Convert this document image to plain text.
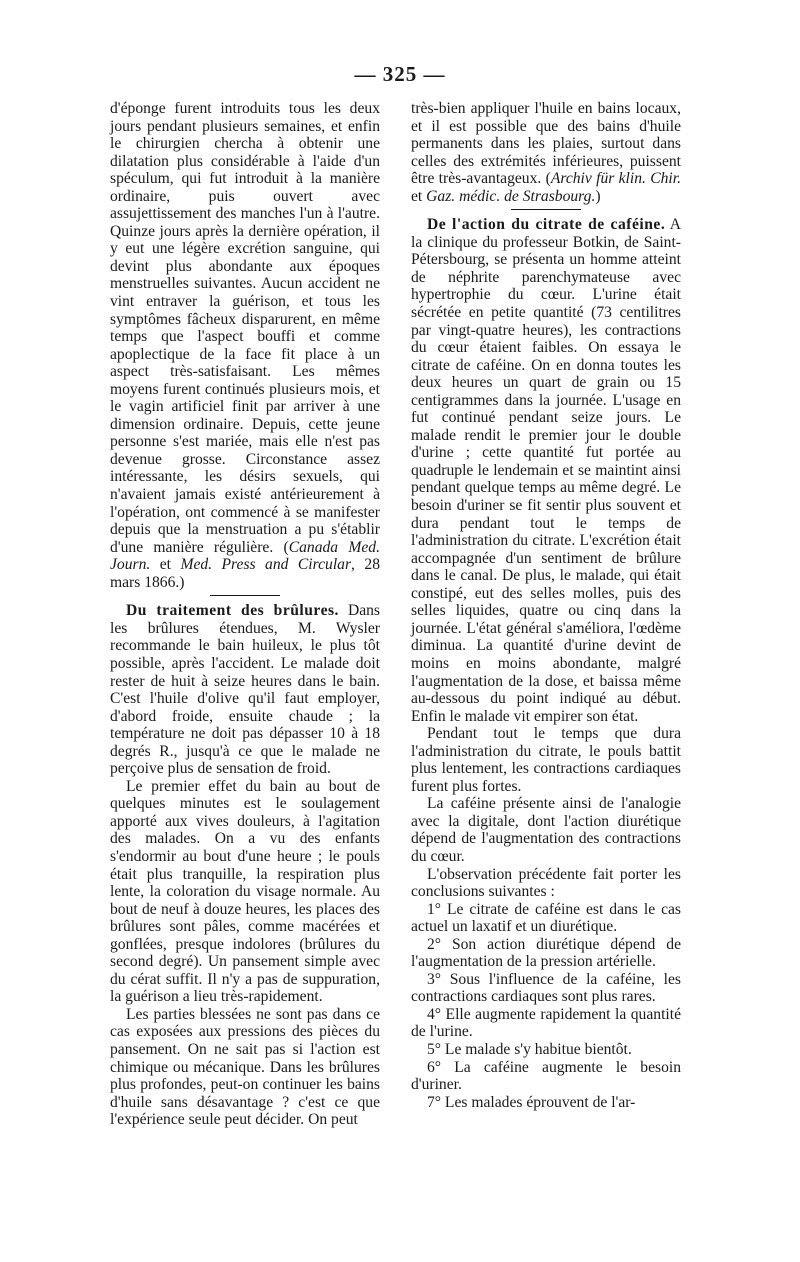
— 325 —

d'éponge furent introduits tous les deux jours pendant plusieurs semaines, et enfin le chirurgien chercha à obtenir une dilatation plus considérable à l'aide d'un spéculum, qui fut introduit à la manière ordinaire, puis ouvert avec assujettissement des manches l'un à l'autre. Quinze jours après la dernière opération, il y eut une légère excrétion sanguine, qui devint plus abondante aux époques menstruelles suivantes. Aucun accident ne vint entraver la guérison, et tous les symptômes fâcheux disparurent, en même temps que l'aspect bouffi et comme apoplectique de la face fit place à un aspect très-satisfaisant. Les mêmes moyens furent continués plusieurs mois, et le vagin artificiel finit par arriver à une dimension ordinaire. Depuis, cette jeune personne s'est mariée, mais elle n'est pas devenue grosse. Circonstance assez intéressante, les désirs sexuels, qui n'avaient jamais existé antérieurement à l'opération, ont commencé à se manifester depuis que la menstruation a pu s'établir d'une manière régulière. (Canada Med. Journ. et Med. Press and Circular, 28 mars 1866.)

Du traitement des brûlures. Dans les brûlures étendues, M. Wysler recommande le bain huileux, le plus tôt possible, après l'accident. Le malade doit rester de huit à seize heures dans le bain. C'est l'huile d'olive qu'il faut employer, d'abord froide, ensuite chaude ; la température ne doit pas dépasser 10 à 18 degrés R., jusqu'à ce que le malade ne perçoive plus de sensation de froid.

Le premier effet du bain au bout de quelques minutes est le soulagement apporté aux vives douleurs, à l'agitation des malades. On a vu des enfants s'endormir au bout d'une heure ; le pouls était plus tranquille, la respiration plus lente, la coloration du visage normale. Au bout de neuf à douze heures, les places des brûlures sont pâles, comme macérées et gonflées, presque indolores (brûlures du second degré). Un pansement simple avec du cérat suffit. Il n'y a pas de suppuration, la guérison a lieu très-rapidement.

Les parties blessées ne sont pas dans ce cas exposées aux pressions des pièces du pansement. On ne sait pas si l'action est chimique ou mécanique. Dans les brûlures plus profondes, peut-on continuer les bains d'huile sans désavantage ? c'est ce que l'expérience seule peut décider. On peut

très-bien appliquer l'huile en bains locaux, et il est possible que des bains d'huile permanents dans les plaies, surtout dans celles des extrémités inférieures, puissent être très-avantageux. (Archiv für klin. Chir. et Gaz. médic. de Strasbourg.)

De l'action du citrate de caféine. A la clinique du professeur Botkin, de Saint-Pétersbourg, se présenta un homme atteint de néphrite parenchymateuse avec hypertrophie du cœur. L'urine était sécrétée en petite quantité (73 centilitres par vingt-quatre heures), les contractions du cœur étaient faibles. On essaya le citrate de caféine. On en donna toutes les deux heures un quart de grain ou 15 centigrammes dans la journée. L'usage en fut continué pendant seize jours. Le malade rendit le premier jour le double d'urine ; cette quantité fut portée au quadruple le lendemain et se maintint ainsi pendant quelque temps au même degré. Le besoin d'uriner se fit sentir plus souvent et dura pendant tout le temps de l'administration du citrate. L'excrétion était accompagnée d'un sentiment de brûlure dans le canal. De plus, le malade, qui était constipé, eut des selles molles, puis des selles liquides, quatre ou cinq dans la journée. L'état général s'améliora, l'œdème diminua. La quantité d'urine devint de moins en moins abondante, malgré l'augmentation de la dose, et baissa même au-dessous du point indiqué au début. Enfin le malade vit empirer son état.

Pendant tout le temps que dura l'administration du citrate, le pouls battit plus lentement, les contractions cardiaques furent plus fortes.

La caféine présente ainsi de l'analogie avec la digitale, dont l'action diurétique dépend de l'augmentation des contractions du cœur.

L'observation précédente fait porter les conclusions suivantes :

1° Le citrate de caféine est dans le cas actuel un laxatif et un diurétique.

2° Son action diurétique dépend de l'augmentation de la pression artérielle.

3° Sous l'influence de la caféine, les contractions cardiaques sont plus rares.

4° Elle augmente rapidement la quantité de l'urine.

5° Le malade s'y habitue bientôt.

6° La caféine augmente le besoin d'uriner.

7° Les malades éprouvent de l'ar-
